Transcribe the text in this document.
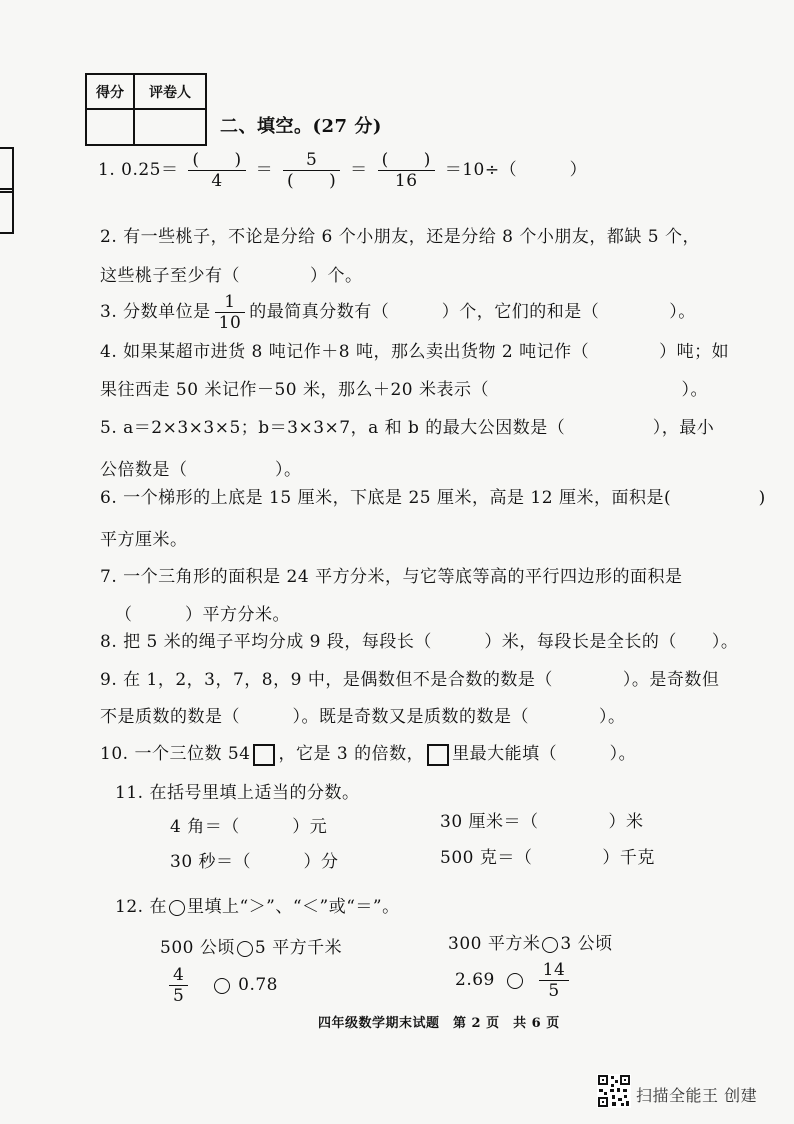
得分	评卷人

二、填空。(27 分)
1. $0.25= \frac{( )}{4} = \frac{5}{( )} = \frac{( )}{16} =10\div$（　　　）
2. 有一些桃子，不论是分给 6 个小朋友，还是分给 8 个小朋友，都缺 5 个，
这些桃子至少有（　　　　）个。
3. 分数单位是 $\frac{1}{10}$ 的最简真分数有（　　　）个，它们的和是（　　　　）。
4. 如果某超市进货 8 吨记作＋8 吨，那么卖出货物 2 吨记作（　　　　）吨；如
果往西走 50 米记作－50 米，那么＋20 米表示（　　　　　　　　　　　）。
5. a＝2×3×3×5；b＝3×3×7，a 和 b 的最大公因数是（　　　　　），最小
公倍数是（　　　　　）。
6. 一个梯形的上底是 15 厘米，下底是 25 厘米，高是 12 厘米，面积是(　　　　　)
平方厘米。
7. 一个三角形的面积是 24 平方分米，与它等底等高的平行四边形的面积是
（　　　）平方分米。
8. 把 5 米的绳子平均分成 9 段，每段长（　　　）米，每段长是全长的（　　）。
9. 在 1，2，3，7，8，9 中，是偶数但不是合数的数是（　　　　）。是奇数但
不是质数的数是（　　　）。既是奇数又是质数的数是（　　　　）。
10. 一个三位数 54 ，它是 3 的倍数， 里最大能填（　　　）。
11. 在括号里填上适当的分数。
4 角＝（　　　）元	30 厘米＝（　　　　）米
30 秒＝（　　　）分	500 克＝（　　　　）千克
12. 在 里填上“＞”、“＜”或“＝”。
500 公顷 5 平方千米	300 平方米 3 公顷
$\frac{4}{5}$	0.78	2.69	$\frac{14}{5}$
四年级数学期末试题　第 2 页　共 6 页
扫描全能王 创建
